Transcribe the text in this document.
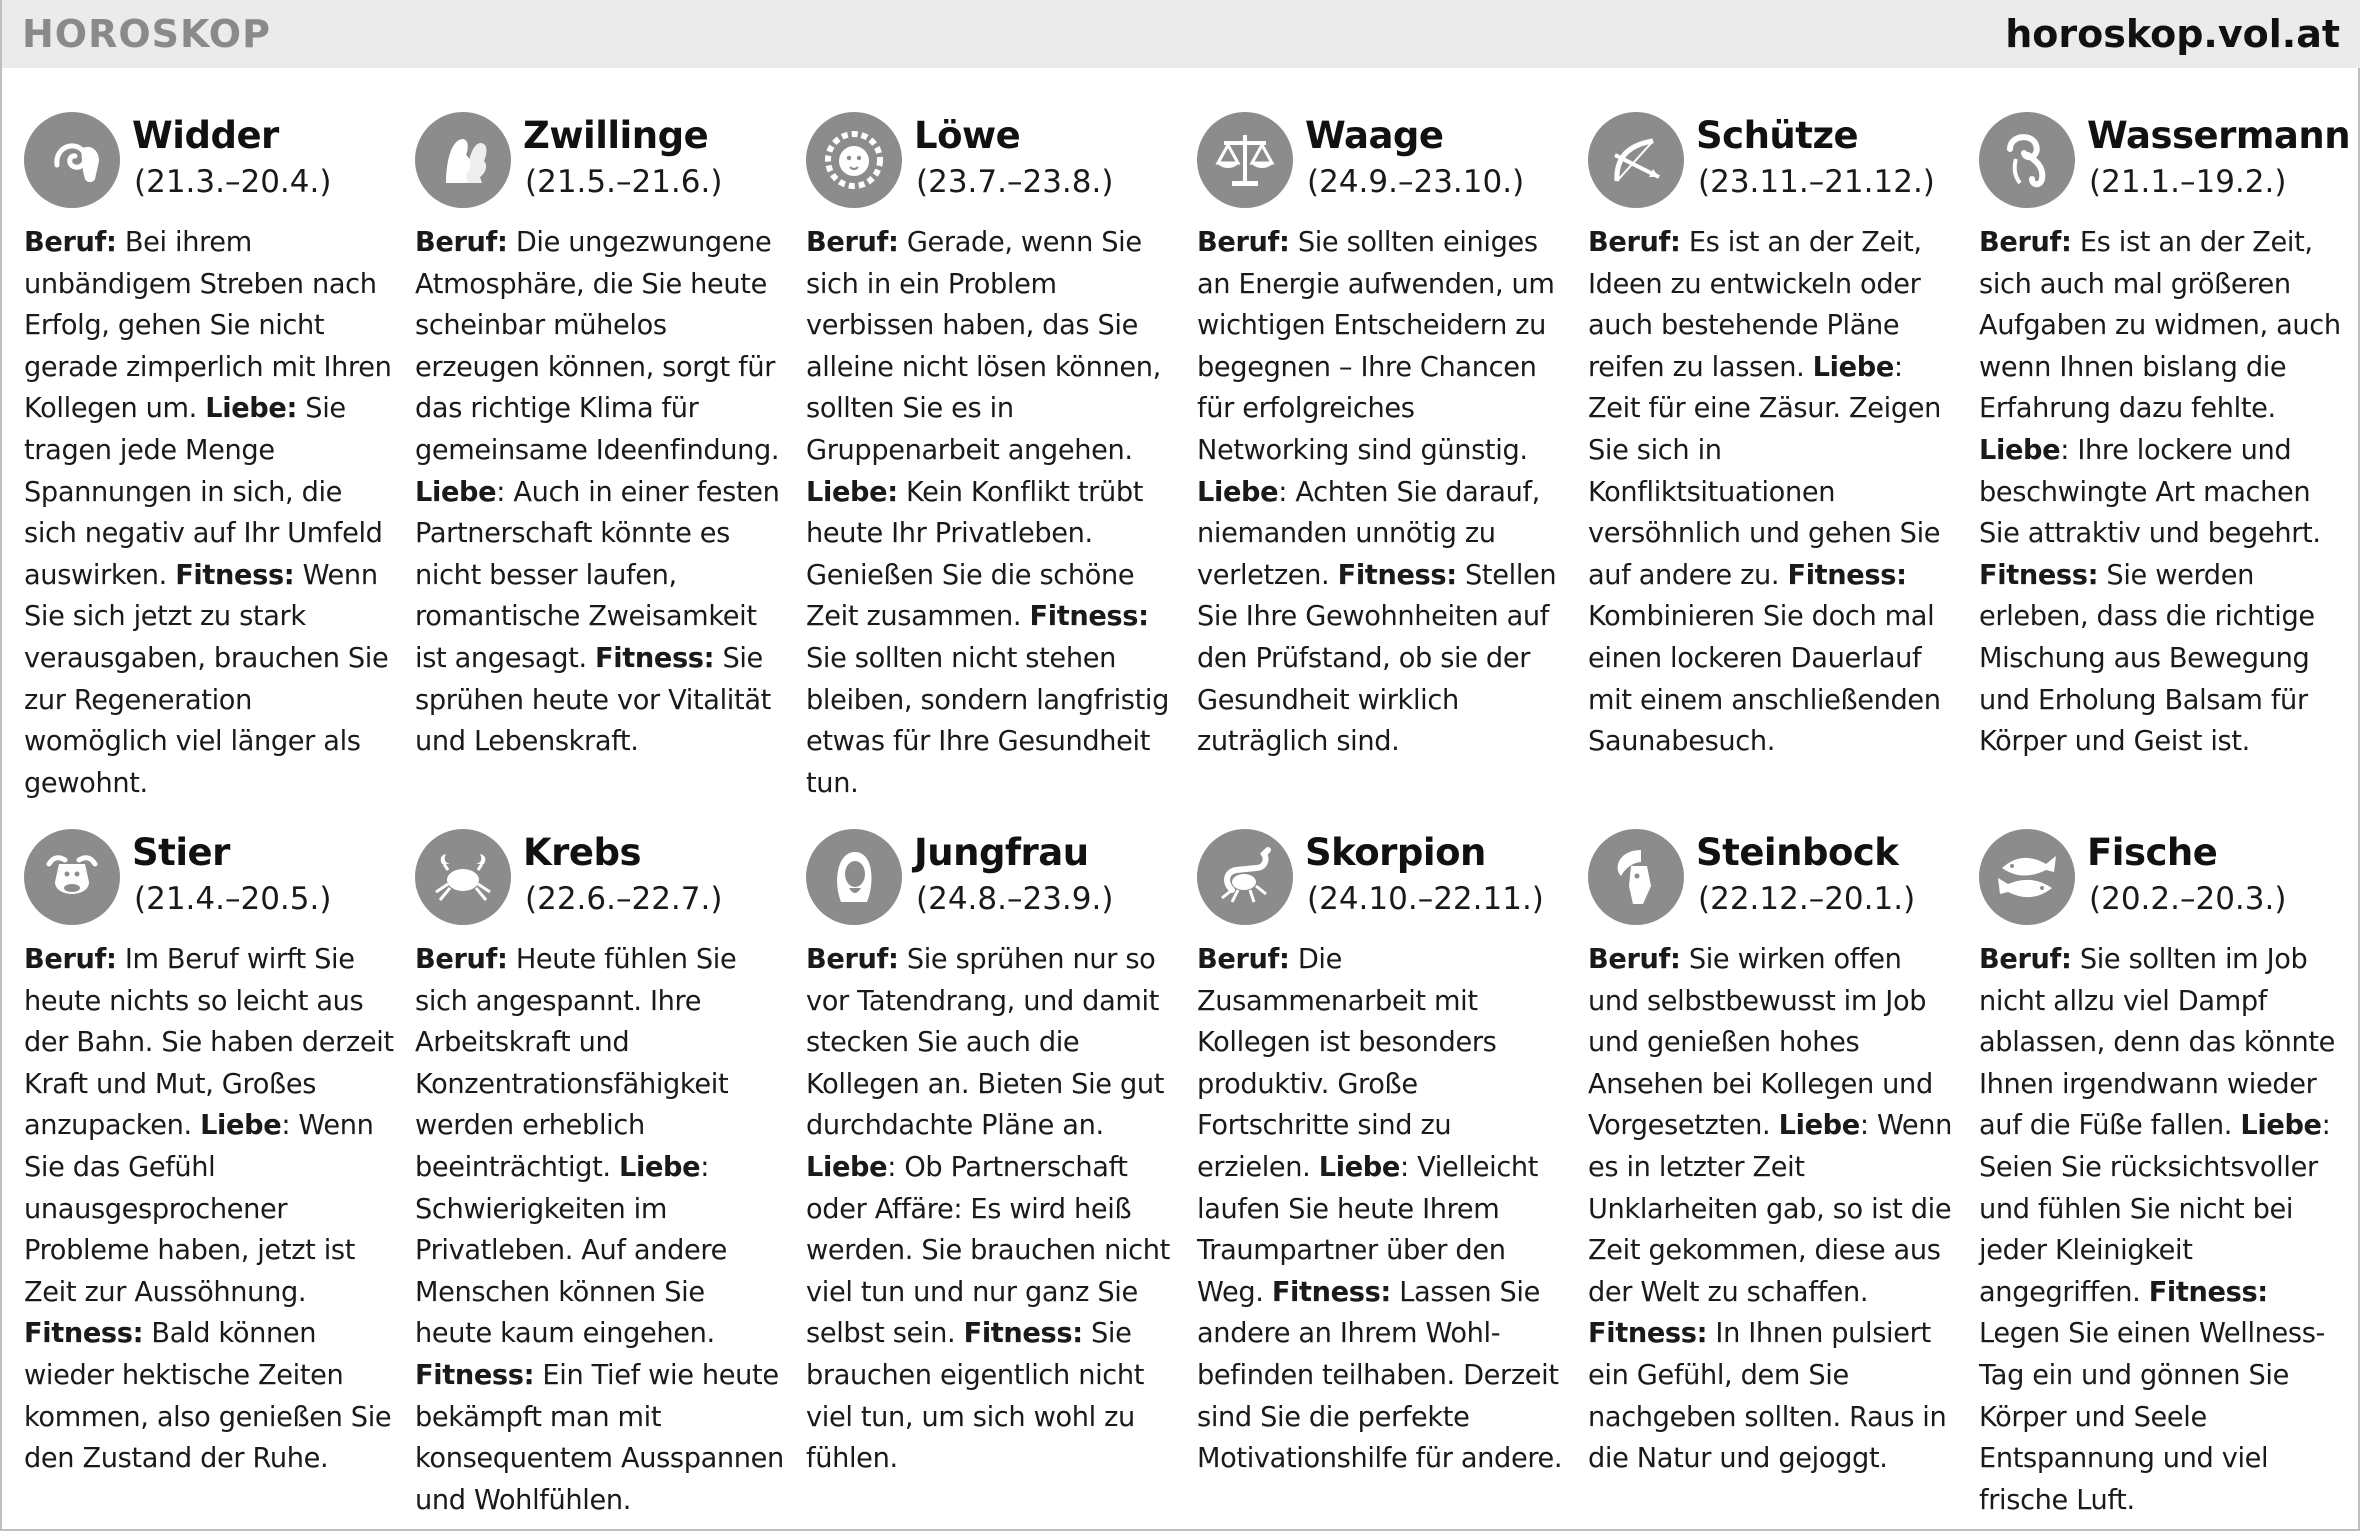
HOROSKOP	horoskop.vol.at
Widder
(21.3.–20.4.)

Beruf: Bei ihrem unbändigem Streben nach Erfolg, gehen Sie nicht gerade zimperlich mit Ihren Kollegen um. Liebe: Sie tragen jede Menge Spannungen in sich, die sich negativ auf Ihr Umfeld auswirken. Fitness: Wenn Sie sich jetzt zu stark verausgaben, brauchen Sie zur Regeneration womöglich viel länger als gewohnt.

Zwillinge
(21.5.–21.6.)

Beruf: Die ungezwungene Atmosphäre, die Sie heute scheinbar mühelos erzeugen können, sorgt für das richtige Klima für gemeinsame Ideenfindung. Liebe: Auch in einer festen Partnerschaft könnte es nicht besser laufen, romantische Zweisamkeit ist angesagt. Fitness: Sie sprühen heute vor Vitalität und Lebenskraft.

Löwe
(23.7.–23.8.)

Beruf: Gerade, wenn Sie sich in ein Problem verbissen haben, das Sie alleine nicht lösen können, sollten Sie es in Gruppenarbeit angehen. Liebe: Kein Konflikt trübt heute Ihr Privatleben. Genießen Sie die schöne Zeit zusammen. Fitness: Sie sollten nicht stehen bleiben, sondern langfristig etwas für Ihre Gesundheit tun.

Waage
(24.9.–23.10.)

Beruf: Sie sollten einiges an Energie aufwenden, um wichtigen Entscheidern zu begegnen – Ihre Chancen für erfolgreiches Networking sind günstig. Liebe: Achten Sie darauf, niemanden unnötig zu verletzen. Fitness: Stellen Sie Ihre Gewohnheiten auf den Prüfstand, ob sie der Gesundheit wirklich zuträglich sind.

Schütze
(23.11.–21.12.)

Beruf: Es ist an der Zeit, Ideen zu entwickeln oder auch bestehende Pläne reifen zu lassen. Liebe: Zeit für eine Zäsur. Zeigen Sie sich in Konfliktsituationen versöhnlich und gehen Sie auf andere zu. Fitness: Kombinieren Sie doch mal einen lockeren Dauerlauf mit einem anschließenden Saunabesuch.

Wassermann
(21.1.–19.2.)

Beruf: Es ist an der Zeit, sich auch mal größeren Aufgaben zu widmen, auch wenn Ihnen bislang die Erfahrung dazu fehlte. Liebe: Ihre lockere und beschwingte Art machen Sie attraktiv und begehrt. Fitness: Sie werden erleben, dass die richtige Mischung aus Bewegung und Erholung Balsam für Körper und Geist ist.

Stier
(21.4.–20.5.)

Beruf: Im Beruf wirft Sie heute nichts so leicht aus der Bahn. Sie haben derzeit Kraft und Mut, Großes anzupacken. Liebe: Wenn Sie das Gefühl unausgesprochener Probleme haben, jetzt ist Zeit zur Aussöhnung. Fitness: Bald können wieder hektische Zeiten kommen, also genießen Sie den Zustand der Ruhe.

Krebs
(22.6.–22.7.)

Beruf: Heute fühlen Sie sich angespannt. Ihre Arbeitskraft und Konzentrationsfähigkeit werden erheblich beeinträchtigt. Liebe: Schwierigkeiten im Privatleben. Auf andere Menschen können Sie heute kaum eingehen. Fitness: Ein Tief wie heute bekämpft man mit konsequentem Ausspannen und Wohlfühlen.

Jungfrau
(24.8.–23.9.)

Beruf: Sie sprühen nur so vor Tatendrang, und damit stecken Sie auch die Kollegen an. Bieten Sie gut durchdachte Pläne an. Liebe: Ob Partnerschaft oder Affäre: Es wird heiß werden. Sie brauchen nicht viel tun und nur ganz Sie selbst sein. Fitness: Sie brauchen eigentlich nicht viel tun, um sich wohl zu fühlen.

Skorpion
(24.10.–22.11.)

Beruf: Die Zusammenarbeit mit Kollegen ist besonders produktiv. Große Fortschritte sind zu erzielen. Liebe: Vielleicht laufen Sie heute Ihrem Traumpartner über den Weg. Fitness: Lassen Sie andere an Ihrem Wohl-befinden teilhaben. Derzeit sind Sie die perfekte Motivationshilfe für andere.

Steinbock
(22.12.–20.1.)

Beruf: Sie wirken offen und selbstbewusst im Job und genießen hohes Ansehen bei Kollegen und Vorgesetzten. Liebe: Wenn es in letzter Zeit Unklarheiten gab, so ist die Zeit gekommen, diese aus der Welt zu schaffen. Fitness: In Ihnen pulsiert ein Gefühl, dem Sie nachgeben sollten. Raus in die Natur und gejoggt.

Fische
(20.2.–20.3.)

Beruf: Sie sollten im Job nicht allzu viel Dampf ablassen, denn das könnte Ihnen irgendwann wieder auf die Füße fallen. Liebe: Seien Sie rücksichtsvoller und fühlen Sie nicht bei jeder Kleinigkeit angegriffen. Fitness: Legen Sie einen Wellness-Tag ein und gönnen Sie Körper und Seele Entspannung und viel frische Luft.
